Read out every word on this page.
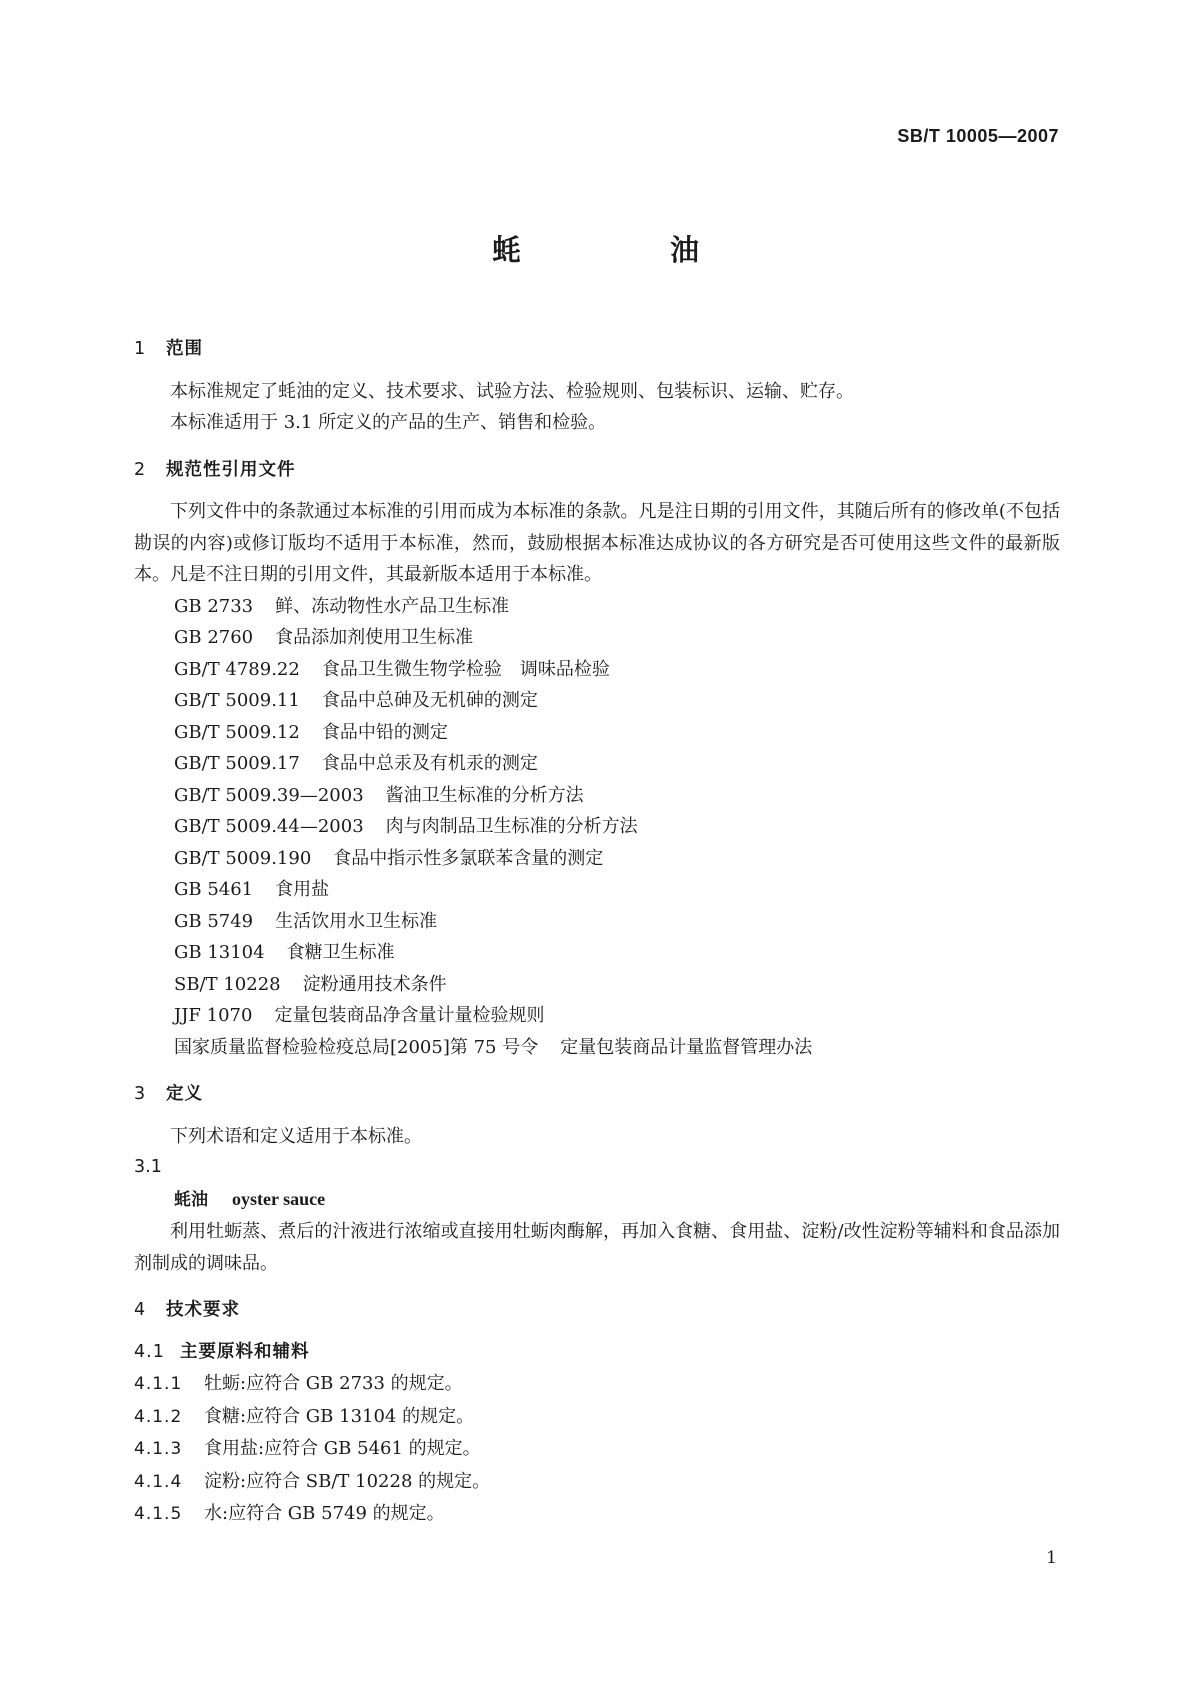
SB/T 10005—2007
蚝　油
1 范围

本标准规定了蚝油的定义、技术要求、试验方法、检验规则、包装标识、运输、贮存。

本标准适用于 3.1 所定义的产品的生产、销售和检验。

2 规范性引用文件

下列文件中的条款通过本标准的引用而成为本标准的条款。凡是注日期的引用文件，其随后所有的修改单(不包括勘误的内容)或修订版均不适用于本标准，然而，鼓励根据本标准达成协议的各方研究是否可使用这些文件的最新版本。凡是不注日期的引用文件，其最新版本适用于本标准。

GB 2733 鲜、冻动物性水产品卫生标准

GB 2760 食品添加剂使用卫生标准

GB/T 4789.22 食品卫生微生物学检验　调味品检验

GB/T 5009.11 食品中总砷及无机砷的测定

GB/T 5009.12 食品中铅的测定

GB/T 5009.17 食品中总汞及有机汞的测定

GB/T 5009.39—2003 酱油卫生标准的分析方法

GB/T 5009.44—2003 肉与肉制品卫生标准的分析方法

GB/T 5009.190 食品中指示性多氯联苯含量的测定

GB 5461 食用盐

GB 5749 生活饮用水卫生标准

GB 13104 食糖卫生标准

SB/T 10228 淀粉通用技术条件

JJF 1070 定量包装商品净含量计量检验规则

国家质量监督检验检疫总局[2005]第 75 号令 定量包装商品计量监督管理办法

3 定义

下列术语和定义适用于本标准。

3.1

蚝油 oyster sauce

利用牡蛎蒸、煮后的汁液进行浓缩或直接用牡蛎肉酶解，再加入食糖、食用盐、淀粉/改性淀粉等辅料和食品添加剂制成的调味品。

4 技术要求
4.1 主要原料和辅料

4.1.1 牡蛎:应符合 GB 2733 的规定。

4.1.2 食糖:应符合 GB 13104 的规定。

4.1.3 食用盐:应符合 GB 5461 的规定。

4.1.4 淀粉:应符合 SB/T 10228 的规定。

4.1.5 水:应符合 GB 5749 的规定。

1
